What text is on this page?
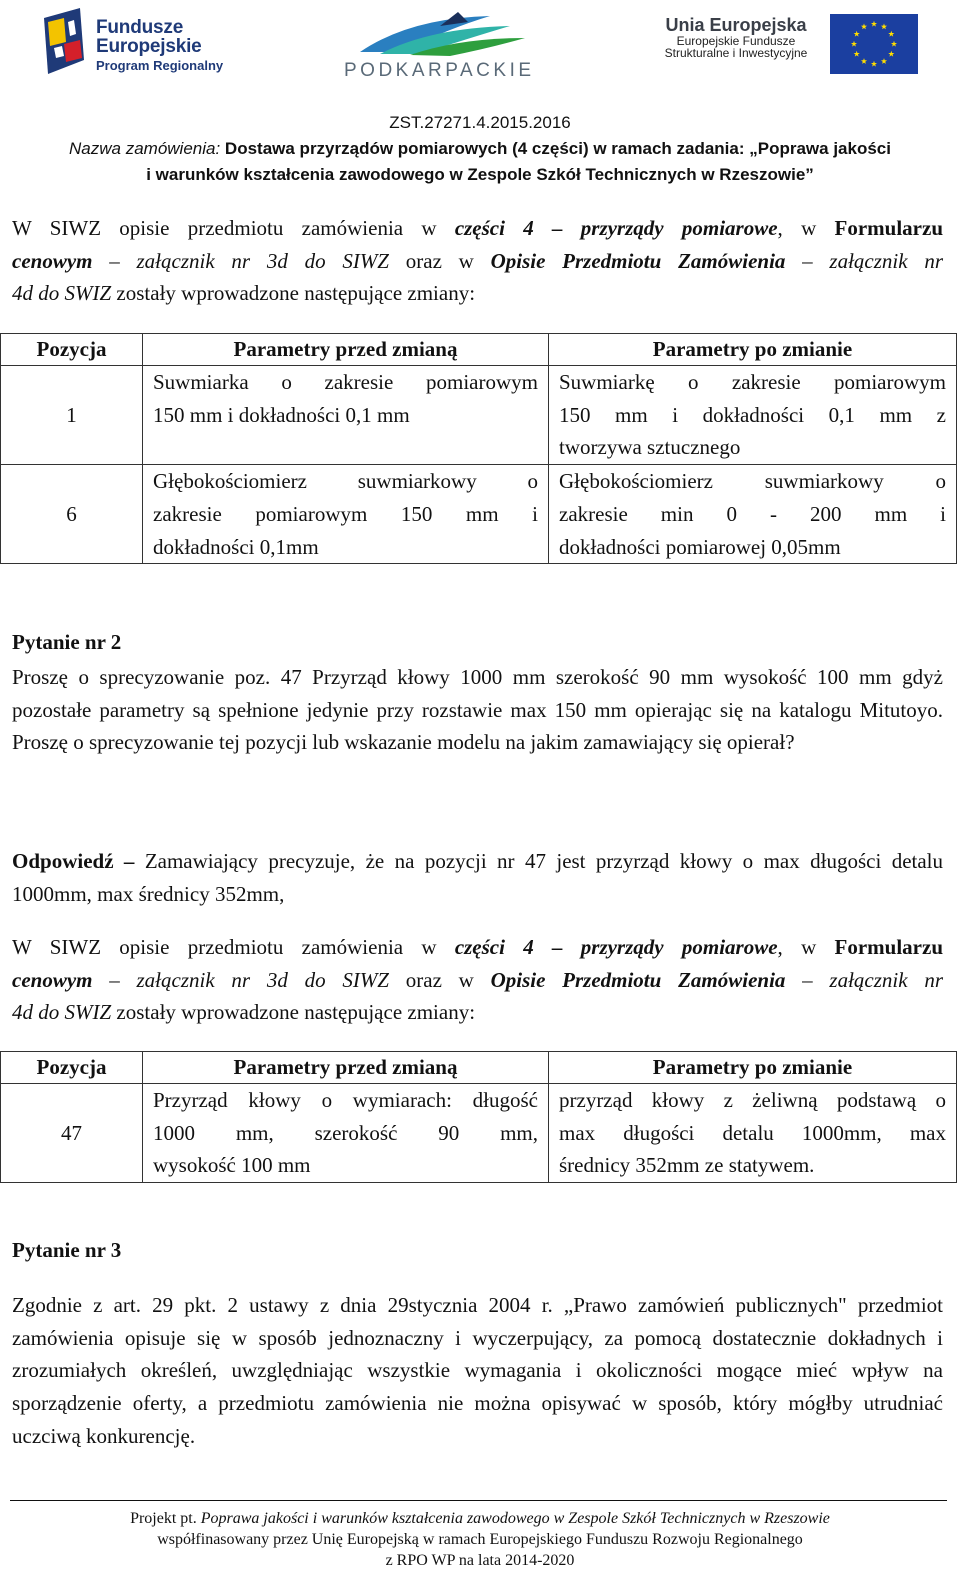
Fundusze
Europejskie
Program Regionalny	PODKARPACKIE
Unia Europejska
Europejskie Fundusze
Strukturalne i Inwestycyjne
ZST.27271.4.2015.2016
Nazwa zamówienia: Dostawa przyrządów pomiarowych (4 części) w ramach zadania: „Poprawa jakości
i warunków kształcenia zawodowego w Zespole Szkół Technicznych w Rzeszowie”
W SIWZ opisie przedmiotu zamówienia w części 4 – przyrządy pomiarowe, w Formularzu
cenowym – załącznik nr 3d do SIWZ oraz w Opisie Przedmiotu Zamówienia – załącznik nr
4d do SWIZ zostały wprowadzone następujące zmiany:
Pozycja	Parametry przed zmianą	Parametry po zmianie
1	Suwmiarka o zakresie pomiarowym
150 mm i dokładności 0,1 mm	Suwmiarkę o zakresie pomiarowym
150 mm i dokładności 0,1 mm z
tworzywa sztucznego

6	Głębokościomierz suwmiarkowy o
zakresie pomiarowym 150 mm i
dokładności 0,1mm	Głębokościomierz suwmiarkowy o
zakresie min 0 - 200 mm i
dokładności pomiarowej 0,05mm
Pytanie nr 2
Proszę o sprecyzowanie poz. 47 Przyrząd kłowy 1000 mm szerokość 90 mm wysokość 100 mm gdyż pozostałe parametry są spełnione jedynie przy rozstawie max 150 mm opierając się na katalogu Mitutoyo. Proszę o sprecyzowanie tej pozycji lub wskazanie modelu na jakim zamawiający się opierał?
Odpowiedź – Zamawiający precyzuje, że na pozycji nr 47 jest przyrząd kłowy o max długości detalu 1000mm, max średnicy 352mm,
W SIWZ opisie przedmiotu zamówienia w części 4 – przyrządy pomiarowe, w Formularzu
cenowym – załącznik nr 3d do SIWZ oraz w Opisie Przedmiotu Zamówienia – załącznik nr
4d do SWIZ zostały wprowadzone następujące zmiany:
Pozycja	Parametry przed zmianą	Parametry po zmianie
47	Przyrząd kłowy o wymiarach: długość
1000 mm, szerokość 90 mm,
wysokość 100 mm	przyrząd kłowy z żeliwną podstawą o
max długości detalu 1000mm, max
średnicy 352mm ze statywem.
Pytanie nr 3
Zgodnie z art. 29 pkt. 2 ustawy z dnia 29stycznia 2004 r. „Prawo zamówień publicznych" przedmiot zamówienia opisuje się w sposób jednoznaczny i wyczerpujący, za pomocą dostatecznie dokładnych i zrozumiałych określeń, uwzględniając wszystkie wymagania i okoliczności mogące mieć wpływ na sporządzenie oferty, a przedmiotu zamówienia nie można opisywać w sposób, który mógłby utrudniać uczciwą konkurencję.
Projekt pt. Poprawa jakości i warunków kształcenia zawodowego w Zespole Szkół Technicznych w Rzeszowie
współfinasowany przez Unię Europejską w ramach Europejskiego Funduszu Rozwoju Regionalnego
z RPO WP na lata 2014-2020
